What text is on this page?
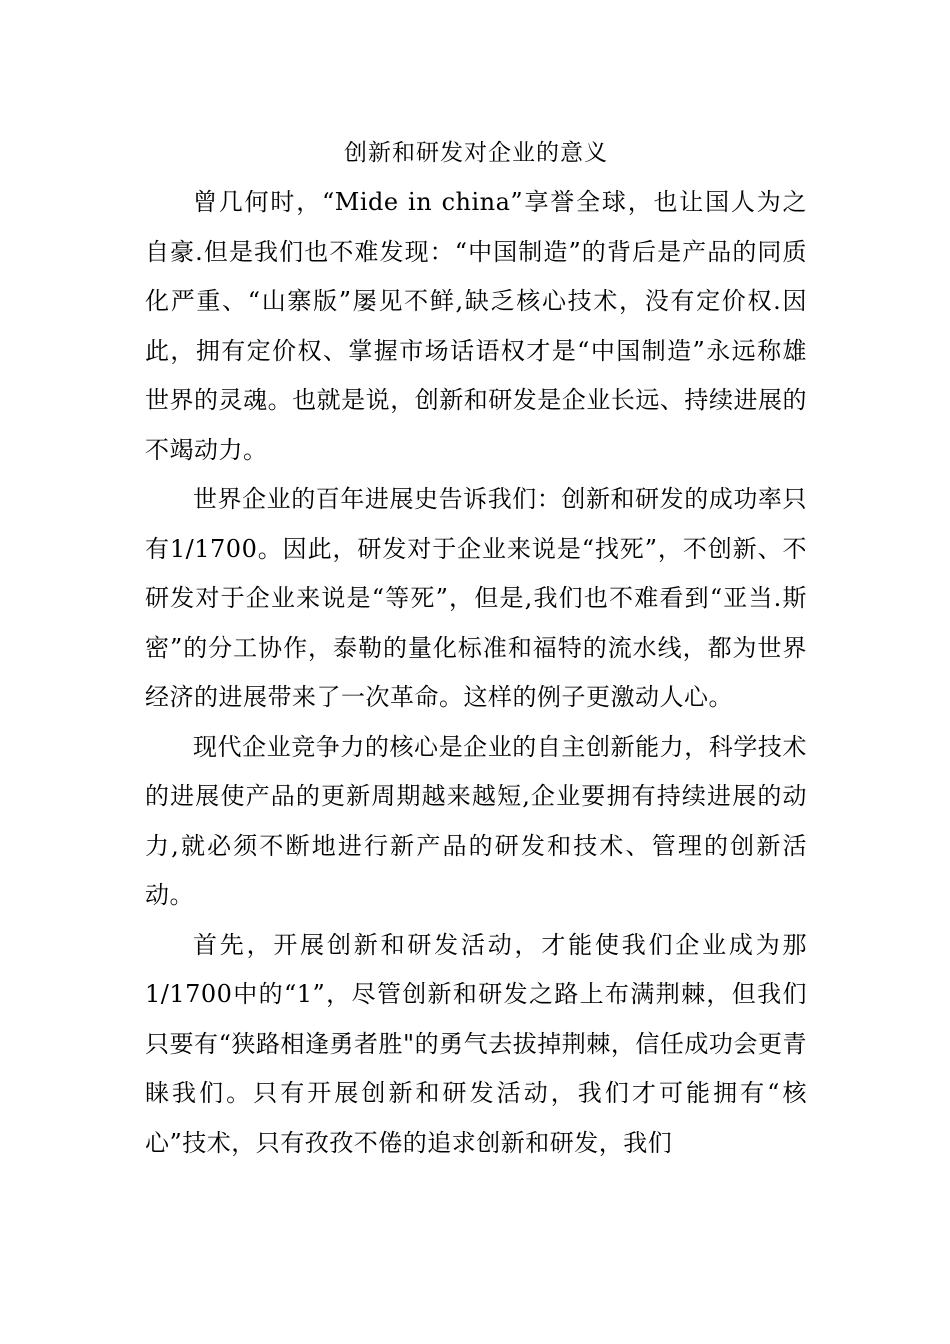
创新和研发对企业的意义

曾几何时，“Mide in china”享誉全球，也让国人为之自豪.但是我们也不难发现：“中国制造”的背后是产品的同质化严重、“山寨版”屡见不鲜,缺乏核心技术，没有定价权.因此，拥有定价权、掌握市场话语权才是“中国制造”永远称雄世界的灵魂。也就是说，创新和研发是企业长远、持续进展的不竭动力。

世界企业的百年进展史告诉我们：创新和研发的成功率只有1/1700。因此，研发对于企业来说是“找死”，不创新、不研发对于企业来说是“等死”，但是,我们也不难看到“亚当.斯密”的分工协作，泰勒的量化标准和福特的流水线，都为世界经济的进展带来了一次革命。这样的例子更激动人心。

现代企业竞争力的核心是企业的自主创新能力，科学技术的进展使产品的更新周期越来越短,企业要拥有持续进展的动力,就必须不断地进行新产品的研发和技术、管理的创新活动。

首先，开展创新和研发活动，才能使我们企业成为那1/1700中的“1”，尽管创新和研发之路上布满荆棘，但我们只要有“狭路相逢勇者胜"的勇气去拔掉荆棘，信任成功会更青睐我们。只有开展创新和研发活动，我们才可能拥有“核心”技术，只有孜孜不倦的追求创新和研发，我们
